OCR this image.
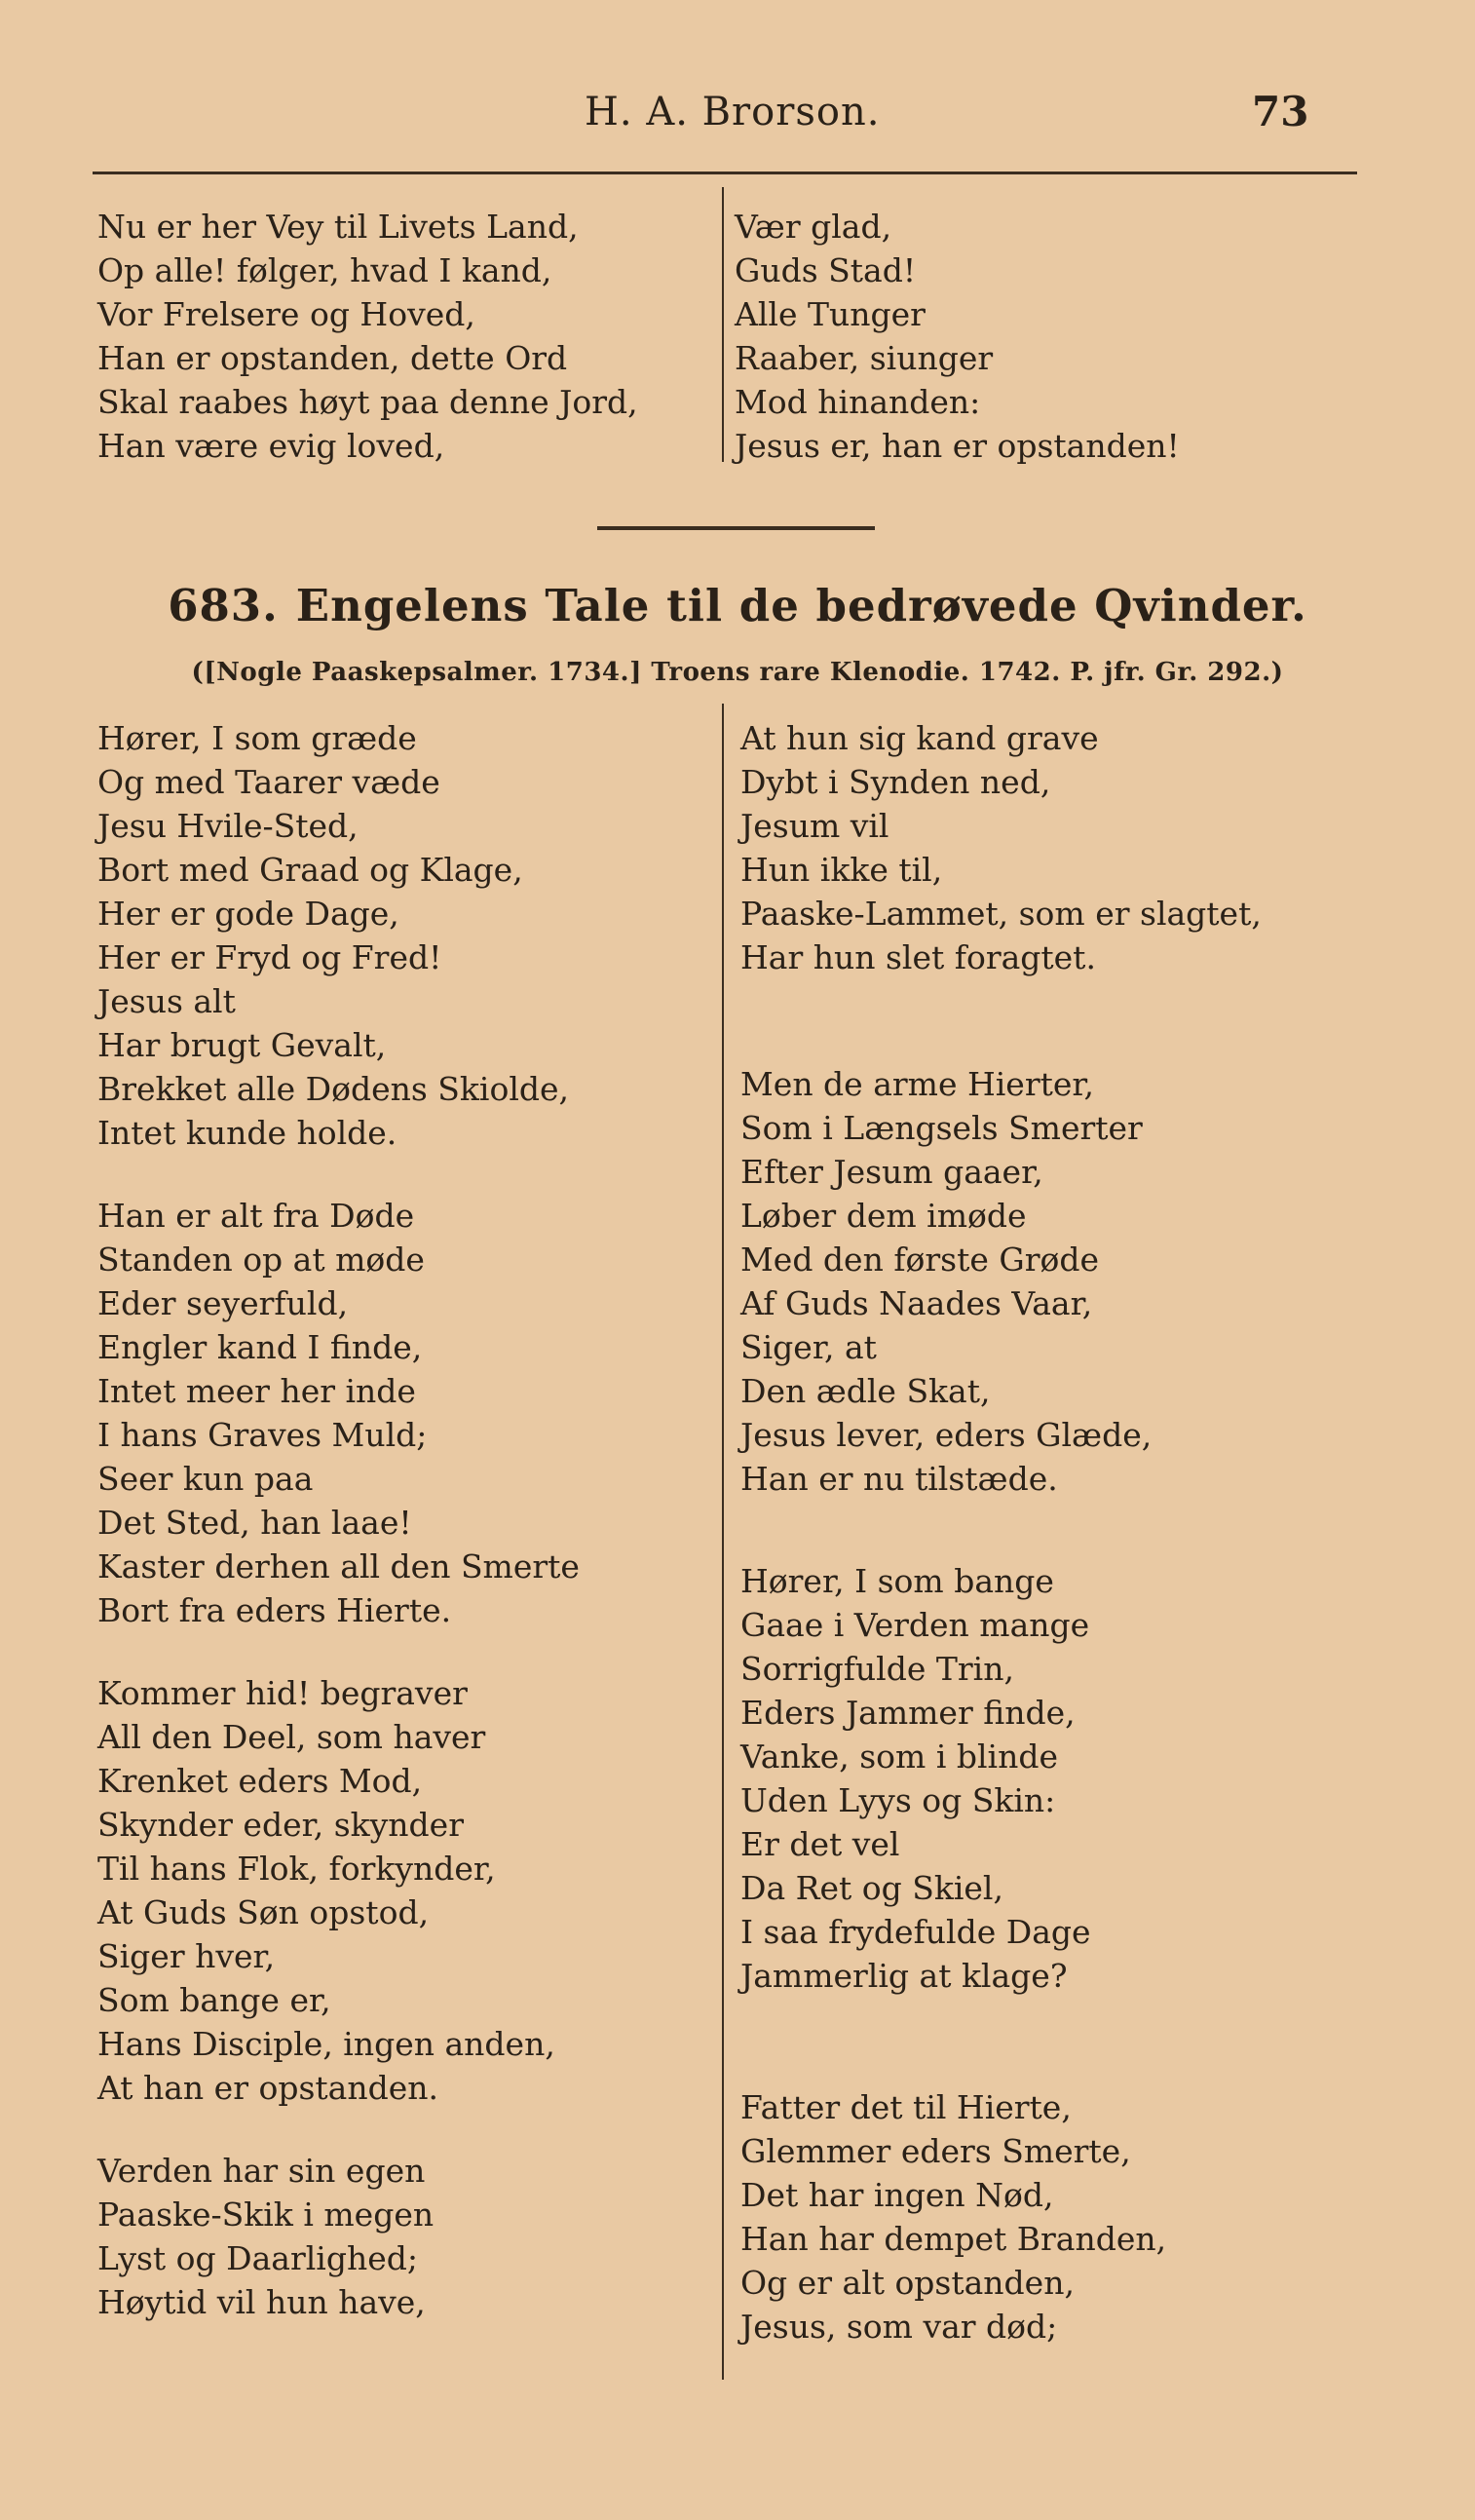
H. A. Brorson.	73
Nu er her Vey til Livets Land,
Op alle! følger, hvad I kand,
Vor Frelsere og Hoved,
Han er opstanden, dette Ord
Skal raabes høyt paa denne Jord,
Han være evig loved,
Vær glad,
Guds Stad!
Alle Tunger
Raaber, siunger
Mod hinanden:
Jesus er, han er opstanden!
683. Engelens Tale til de bedrøvede Qvinder.
([Nogle Paaskepsalmer. 1734.] Troens rare Klenodie. 1742. P. jfr. Gr. 292.)
Hører, I som græde
Og med Taarer væde
Jesu Hvile-Sted,
Bort med Graad og Klage,
Her er gode Dage,
Her er Fryd og Fred!
Jesus alt
Har brugt Gevalt,
Brekket alle Dødens Skiolde,
Intet kunde holde.
Han er alt fra Døde
Standen op at møde
Eder seyerfuld,
Engler kand I finde,
Intet meer her inde
I hans Graves Muld;
Seer kun paa
Det Sted, han laae!
Kaster derhen all den Smerte
Bort fra eders Hierte.
Kommer hid! begraver
All den Deel, som haver
Krenket eders Mod,
Skynder eder, skynder
Til hans Flok, forkynder,
At Guds Søn opstod,
Siger hver,
Som bange er,
Hans Disciple, ingen anden,
At han er opstanden.
Verden har sin egen
Paaske-Skik i megen
Lyst og Daarlighed;
Høytid vil hun have,
At hun sig kand grave
Dybt i Synden ned,
Jesum vil
Hun ikke til,
Paaske-Lammet, som er slagtet,
Har hun slet foragtet.
Men de arme Hierter,
Som i Længsels Smerter
Efter Jesum gaaer,
Løber dem imøde
Med den første Grøde
Af Guds Naades Vaar,
Siger, at
Den ædle Skat,
Jesus lever, eders Glæde,
Han er nu tilstæde.
Hører, I som bange
Gaae i Verden mange
Sorrigfulde Trin,
Eders Jammer finde,
Vanke, som i blinde
Uden Lyys og Skin:
Er det vel
Da Ret og Skiel,
I saa frydefulde Dage
Jammerlig at klage?
Fatter det til Hierte,
Glemmer eders Smerte,
Det har ingen Nød,
Han har dempet Branden,
Og er alt opstanden,
Jesus, som var død;
